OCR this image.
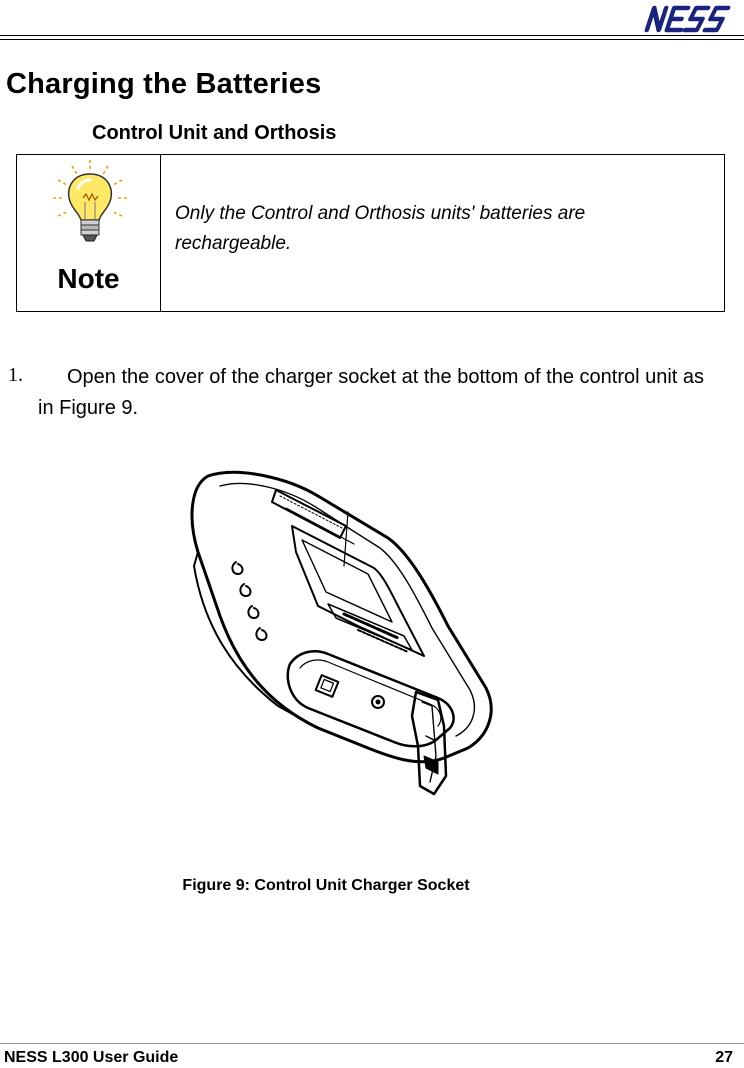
Charging the Batteries
Control Unit and Orthosis
Note
Only the Control and Orthosis units' batteries are rechargeable.
1.	Open the cover of the charger socket at the bottom of the control unit as in Figure 9.
Figure 9: Control Unit Charger Socket
NESS L300 User Guide	27
